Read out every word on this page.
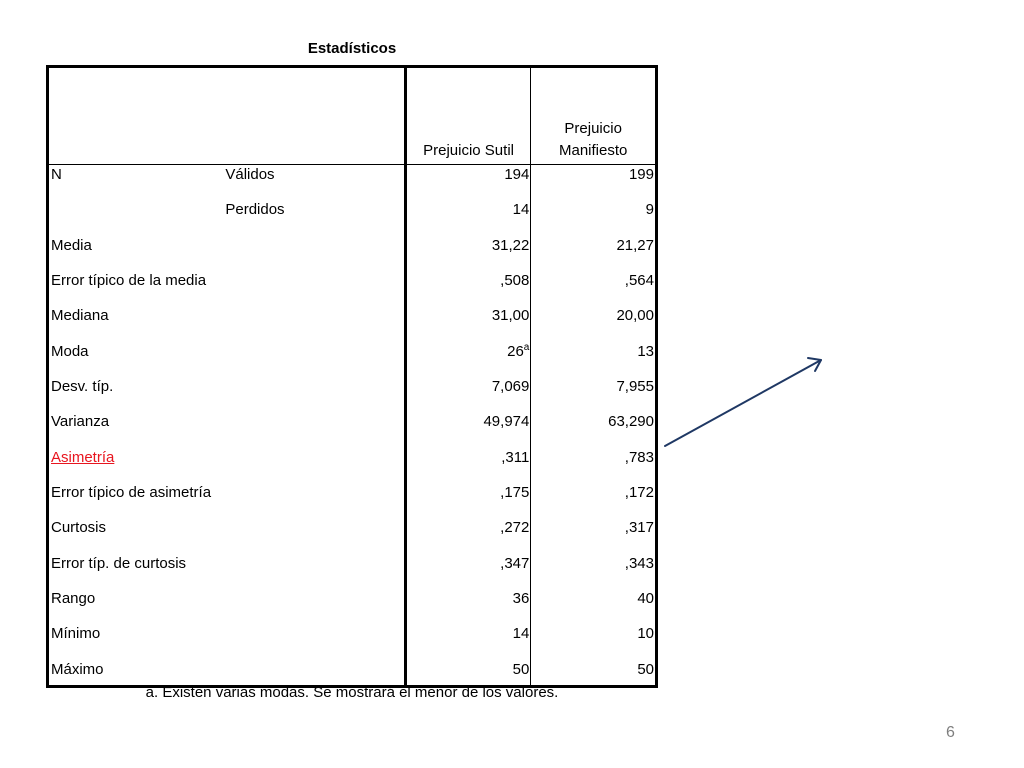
Estadísticos
		Prejuicio Sutil	Prejuicio
Manifiesto
N	Válidos	194	199
	Perdidos	14	9
Media		31,22	21,27
Error típico de la media		,508	,564
Mediana		31,00	20,00
Moda		26$^a$	13
Desv. típ.		7,069	7,955
Varianza		49,974	63,290
Asimetría		,311	,783
Error típico de asimetría		,175	,172
Curtosis		,272	,317
Error típ. de curtosis		,347	,343
Rango		36	40
Mínimo		14	10
Máximo		50	50
a. Existen varias modas. Se mostrará el menor de los valores.
6
